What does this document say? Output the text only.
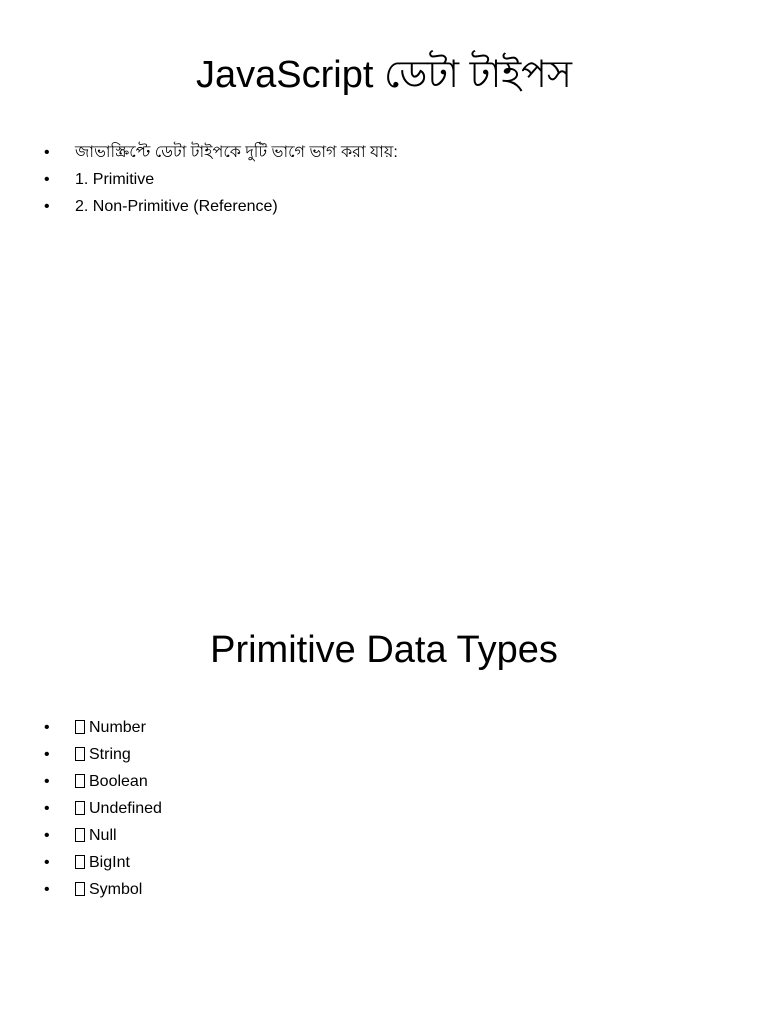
JavaScript ডেটা টাইপস
• জাভাস্ক্রিপ্টে ডেটা টাইপকে দুটি ভাগে ভাগ করা যায়:
• 1. Primitive
• 2. Non-Primitive (Reference)
Primitive Data Types
• Number
• String
• Boolean
• Undefined
• Null
• BigInt
• Symbol
